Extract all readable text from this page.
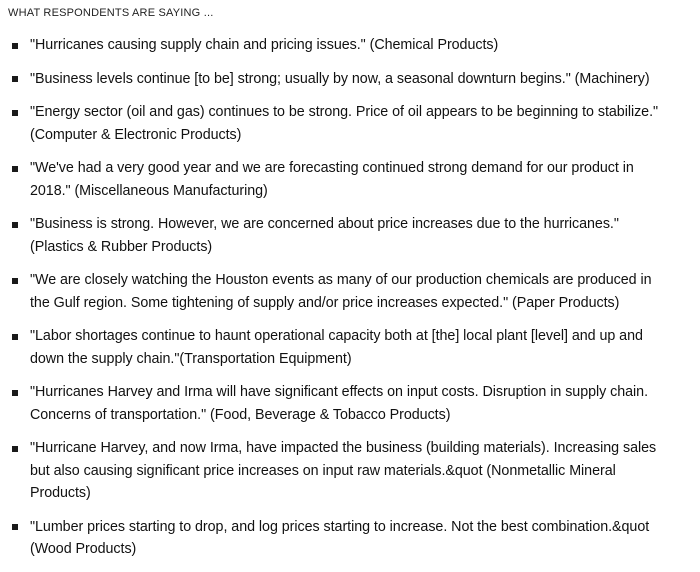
WHAT RESPONDENTS ARE SAYING ...
"Hurricanes causing supply chain and pricing issues." (Chemical Products)
"Business levels continue [to be] strong; usually by now, a seasonal downturn begins." (Machinery)
"Energy sector (oil and gas) continues to be strong. Price of oil appears to be beginning to stabilize."
(Computer & Electronic Products)
"We've had a very good year and we are forecasting continued strong demand for our product in
2018." (Miscellaneous Manufacturing)
"Business is strong. However, we are concerned about price increases due to the hurricanes."
(Plastics & Rubber Products)
"We are closely watching the Houston events as many of our production chemicals are produced in
the Gulf region. Some tightening of supply and/or price increases expected." (Paper Products)
"Labor shortages continue to haunt operational capacity both at [the] local plant [level] and up and
down the supply chain."(Transportation Equipment)
"Hurricanes Harvey and Irma will have significant effects on input costs. Disruption in supply chain.
Concerns of transportation." (Food, Beverage & Tobacco Products)
"Hurricane Harvey, and now Irma, have impacted the business (building materials). Increasing sales
but also causing significant price increases on input raw materials.&quot (Nonmetallic Mineral
Products)
"Lumber prices starting to drop, and log prices starting to increase. Not the best combination.&quot
(Wood Products)
